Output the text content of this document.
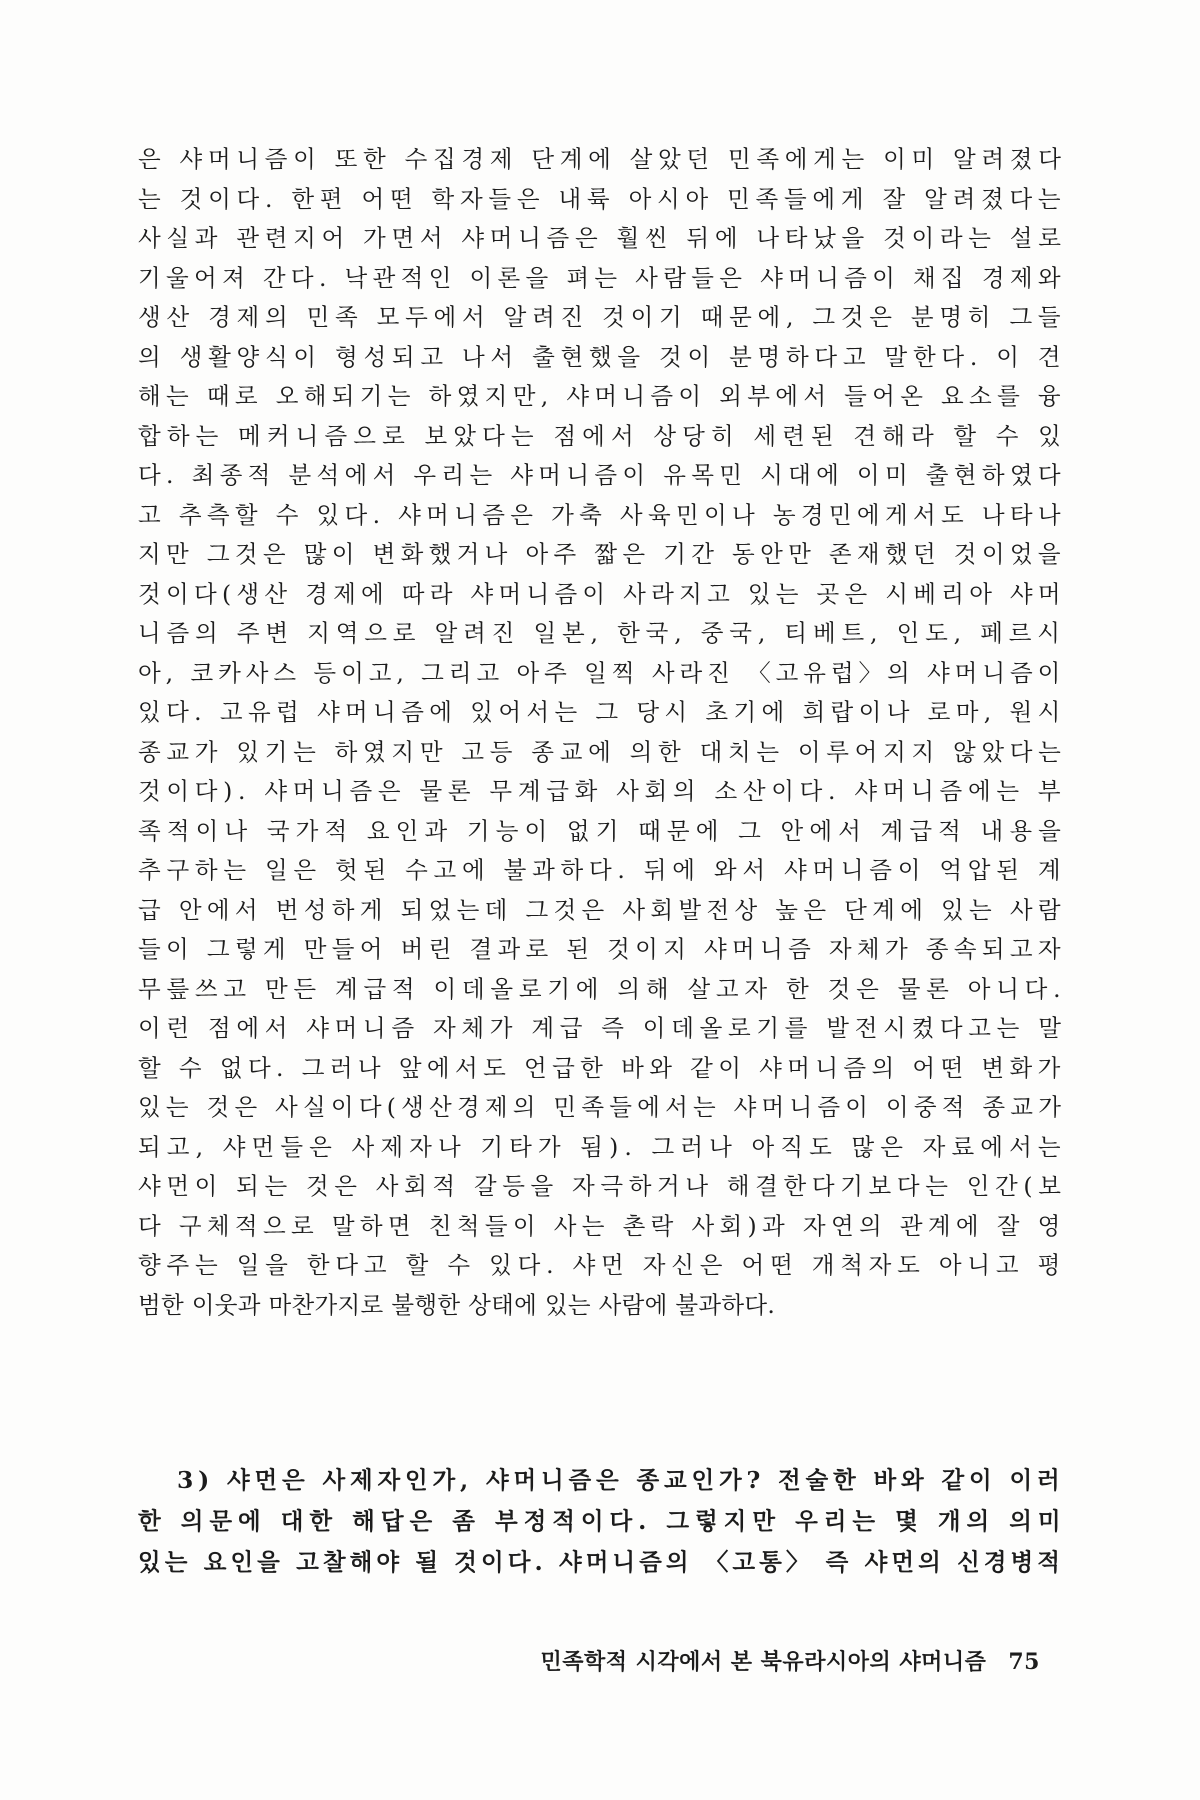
은 샤머니즘이 또한 수집경제 단계에 살았던 민족에게는 이미 알려졌다

는 것이다. 한편 어떤 학자들은 내륙 아시아 민족들에게 잘 알려졌다는

사실과 관련지어 가면서 샤머니즘은 훨씬 뒤에 나타났을 것이라는 설로

기울어져 간다. 낙관적인 이론을 펴는 사람들은 샤머니즘이 채집 경제와

생산 경제의 민족 모두에서 알려진 것이기 때문에, 그것은 분명히 그들

의 생활양식이 형성되고 나서 출현했을 것이 분명하다고 말한다. 이 견

해는 때로 오해되기는 하였지만, 샤머니즘이 외부에서 들어온 요소를 융

합하는 메커니즘으로 보았다는 점에서 상당히 세련된 견해라 할 수 있

다. 최종적 분석에서 우리는 샤머니즘이 유목민 시대에 이미 출현하였다

고 추측할 수 있다. 샤머니즘은 가축 사육민이나 농경민에게서도 나타나

지만 그것은 많이 변화했거나 아주 짧은 기간 동안만 존재했던 것이었을

것이다(생산 경제에 따라 샤머니즘이 사라지고 있는 곳은 시베리아 샤머

니즘의 주변 지역으로 알려진 일본, 한국, 중국, 티베트, 인도, 페르시

아, 코카사스 등이고, 그리고 아주 일찍 사라진 〈고유럽〉의 샤머니즘이

있다. 고유럽 샤머니즘에 있어서는 그 당시 초기에 희랍이나 로마, 원시

종교가 있기는 하였지만 고등 종교에 의한 대치는 이루어지지 않았다는

것이다). 샤머니즘은 물론 무계급화 사회의 소산이다. 샤머니즘에는 부

족적이나 국가적 요인과 기능이 없기 때문에 그 안에서 계급적 내용을

추구하는 일은 헛된 수고에 불과하다. 뒤에 와서 샤머니즘이 억압된 계

급 안에서 번성하게 되었는데 그것은 사회발전상 높은 단계에 있는 사람

들이 그렇게 만들어 버린 결과로 된 것이지 샤머니즘 자체가 종속되고자

무릎쓰고 만든 계급적 이데올로기에 의해 살고자 한 것은 물론 아니다.

이런 점에서 샤머니즘 자체가 계급 즉 이데올로기를 발전시켰다고는 말

할 수 없다. 그러나 앞에서도 언급한 바와 같이 샤머니즘의 어떤 변화가

있는 것은 사실이다(생산경제의 민족들에서는 샤머니즘이 이중적 종교가

되고, 샤먼들은 사제자나 기타가 됨). 그러나 아직도 많은 자료에서는

샤먼이 되는 것은 사회적 갈등을 자극하거나 해결한다기보다는 인간(보

다 구체적으로 말하면 친척들이 사는 촌락 사회)과 자연의 관계에 잘 영

향주는 일을 한다고 할 수 있다. 샤먼 자신은 어떤 개척자도 아니고 평

범한 이웃과 마찬가지로 불행한 상태에 있는 사람에 불과하다.

3) 샤먼은 사제자인가, 샤머니즘은 종교인가? 전술한 바와 같이 이러

한 의문에 대한 해답은 좀 부정적이다. 그렇지만 우리는 몇 개의 의미

있는 요인을 고찰해야 될 것이다. 샤머니즘의 〈고통〉 즉 샤먼의 신경병적

민족학적 시각에서 본 북유라시아의 샤머니즘 75
